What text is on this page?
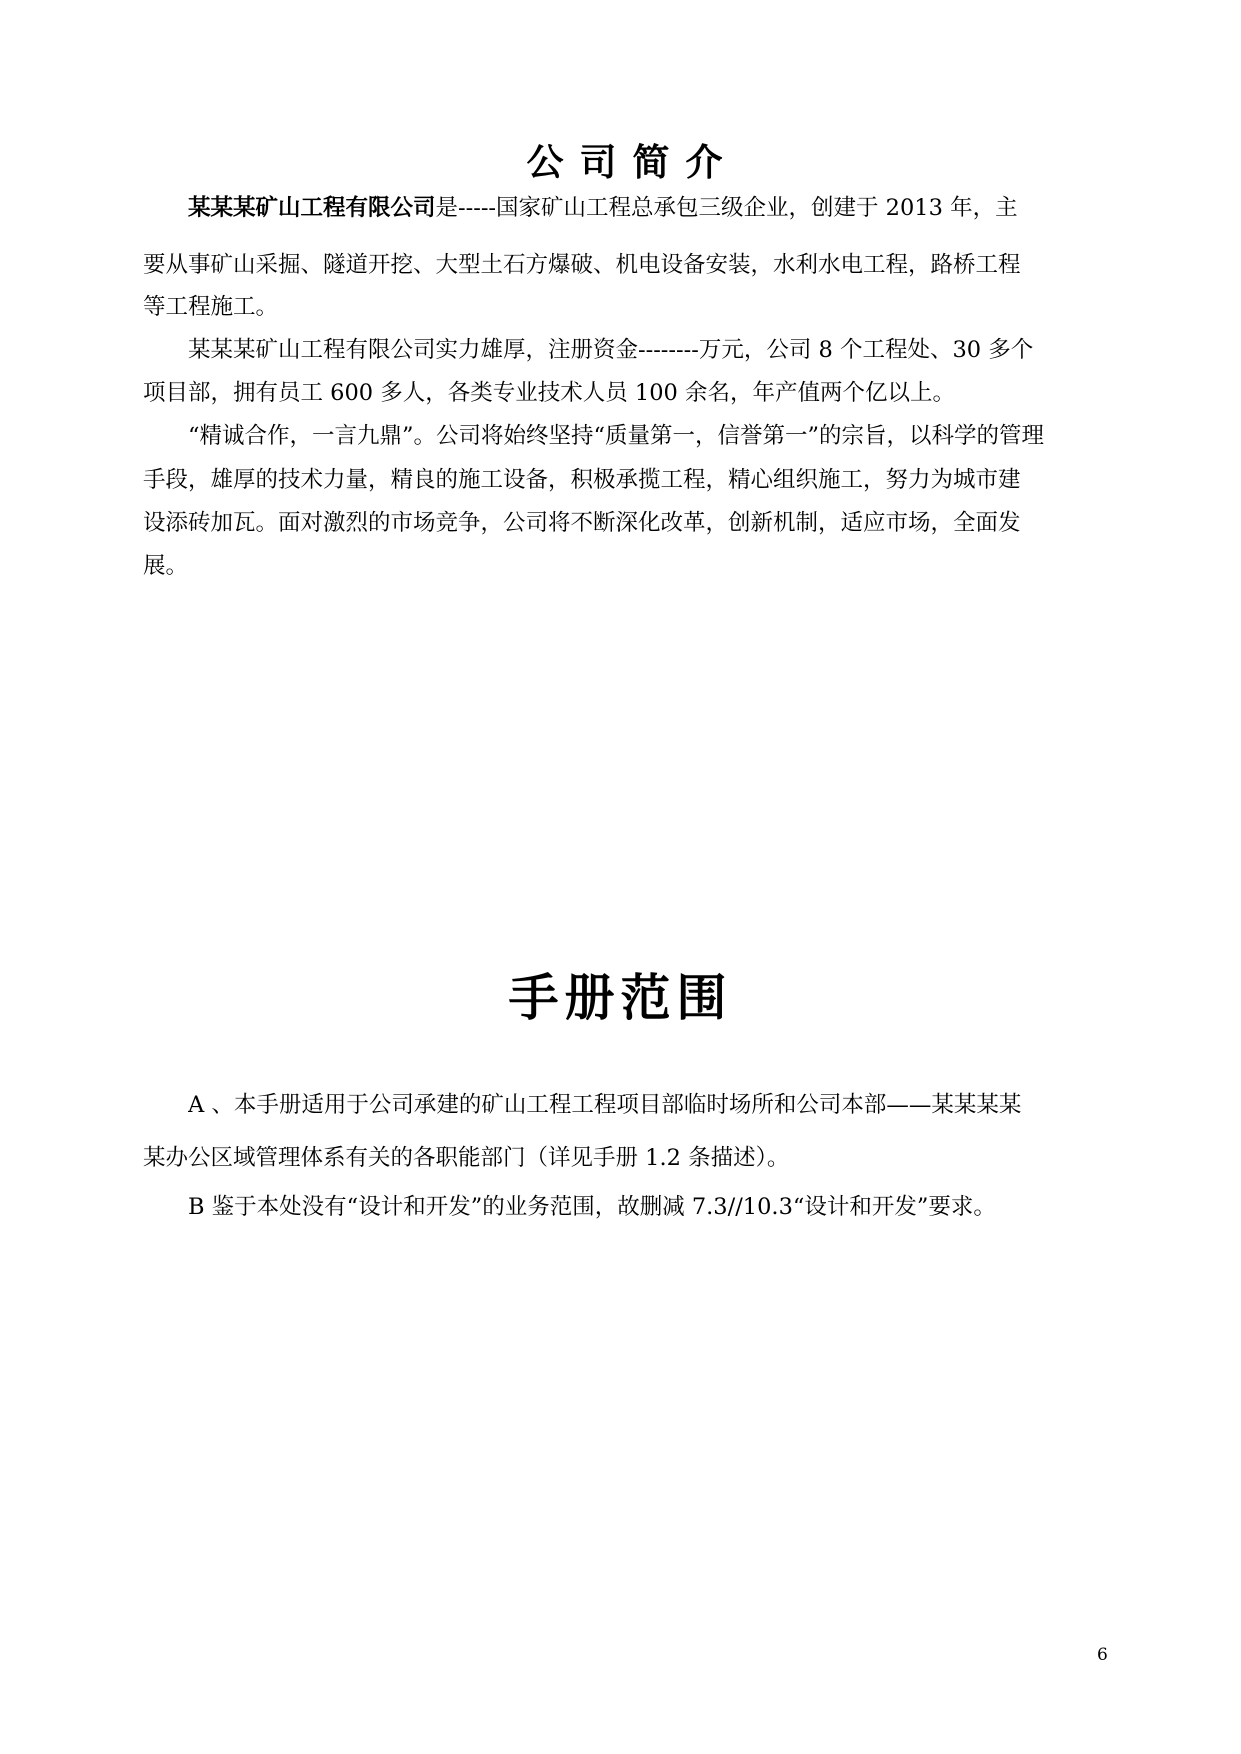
公司简介
某某某矿山工程有限公司是-----国家矿山工程总承包三级企业，创建于 2013 年，主
要从事矿山采掘、隧道开挖、大型土石方爆破、机电设备安装，水利水电工程，路桥工程
等工程施工。
某某某矿山工程有限公司实力雄厚，注册资金--------万元，公司 8 个工程处、30 多个
项目部，拥有员工 600 多人，各类专业技术人员 100 余名，年产值两个亿以上。
“精诚合作，一言九鼎”。公司将始终坚持“质量第一，信誉第一”的宗旨，以科学的管理
手段，雄厚的技术力量，精良的施工设备，积极承揽工程，精心组织施工，努力为城市建
设添砖加瓦。面对激烈的市场竞争，公司将不断深化改革，创新机制，适应市场，全面发
展。
手册范围
A 、本手册适用于公司承建的矿山工程工程项目部临时场所和公司本部——某某某某
某办公区域管理体系有关的各职能部门（详见手册 1.2 条描述）。
B 鉴于本处没有“设计和开发”的业务范围，故删减 7.3//10.3“设计和开发”要求。
6
